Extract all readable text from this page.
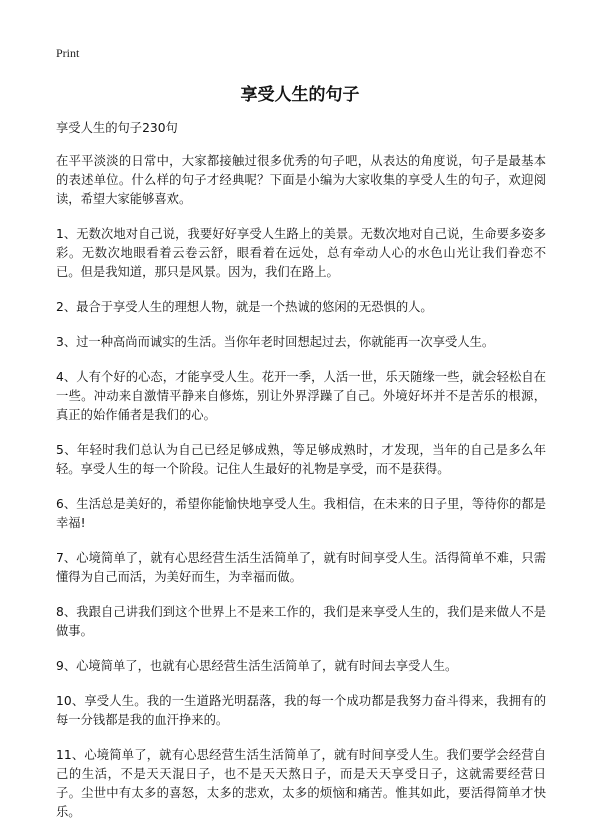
Print
享受人生的句子

享受人生的句子230句

在平平淡淡的日常中，大家都接触过很多优秀的句子吧，从表达的角度说，句子是最基本的表述单位。什么样的句子才经典呢？下面是小编为大家收集的享受人生的句子，欢迎阅读，希望大家能够喜欢。

1、无数次地对自己说，我要好好享受人生路上的美景。无数次地对自己说，生命要多姿多彩。无数次地眼看着云卷云舒，眼看着在远处，总有牵动人心的水色山光让我们眷恋不已。但是我知道，那只是风景。因为，我们在路上。

2、最合于享受人生的理想人物，就是一个热诚的悠闲的无恐惧的人。

3、过一种高尚而诚实的生活。当你年老时回想起过去，你就能再一次享受人生。

4、人有个好的心态，才能享受人生。花开一季，人活一世，乐天随缘一些，就会轻松自在一些。冲动来自激情平静来自修炼，别让外界浮躁了自己。外境好坏并不是苦乐的根源，真正的始作俑者是我们的心。

5、年轻时我们总认为自己已经足够成熟，等足够成熟时，才发现，当年的自己是多么年轻。享受人生的每一个阶段。记住人生最好的礼物是享受，而不是获得。

6、生活总是美好的，希望你能愉快地享受人生。我相信，在未来的日子里，等待你的都是幸福!

7、心境简单了，就有心思经营生活生活简单了，就有时间享受人生。活得简单不难，只需懂得为自己而活，为美好而生，为幸福而做。

8、我跟自己讲我们到这个世界上不是来工作的，我们是来享受人生的，我们是来做人不是做事。

9、心境简单了，也就有心思经营生活生活简单了，就有时间去享受人生。

10、享受人生。我的一生道路光明磊落，我的每一个成功都是我努力奋斗得来，我拥有的每一分钱都是我的血汗挣来的。

11、心境简单了，就有心思经营生活生活简单了，就有时间享受人生。我们要学会经营自己的生活，不是天天混日子，也不是天天熬日子，而是天天享受日子，这就需要经营日子。尘世中有太多的喜怒，太多的悲欢，太多的烦恼和痛苦。惟其如此，要活得简单才快乐。
